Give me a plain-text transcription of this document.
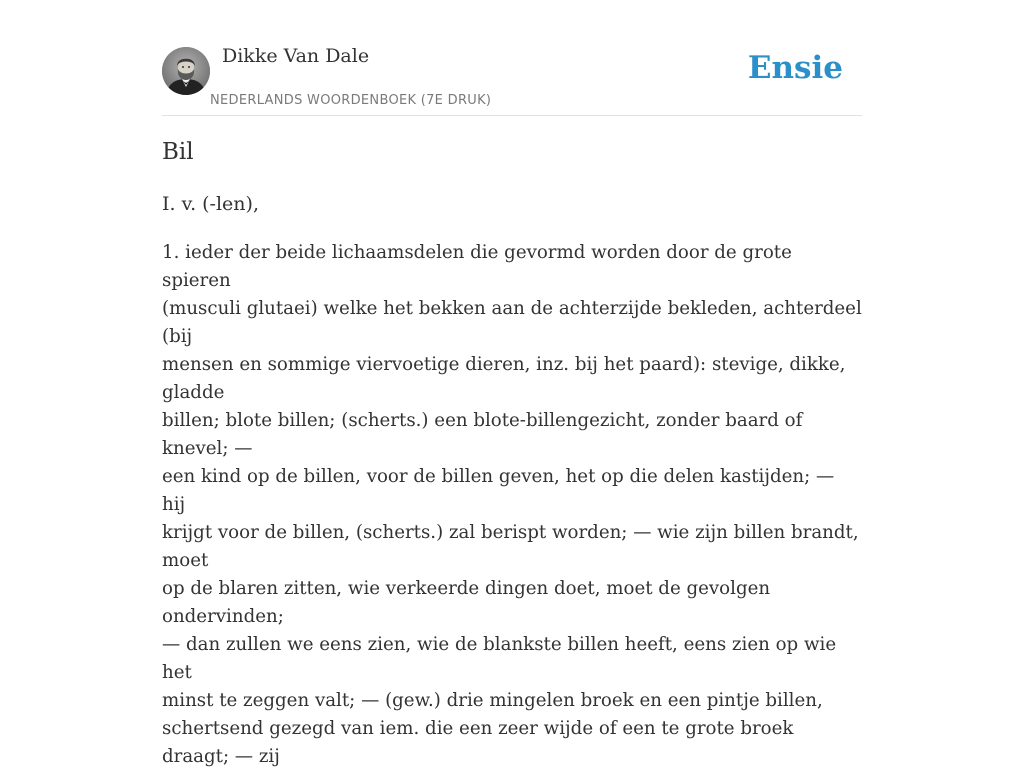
Dikke Van Dale
NEDERLANDS WOORDENBOEK (7E DRUK)
Ensie
Bil
I. v. (-len),

1. ieder der beide lichaamsdelen die gevormd worden door de grote spieren
(musculi glutaei) welke het bekken aan de achterzijde bekleden, achterdeel (bij
mensen en sommige viervoetige dieren, inz. bij het paard): stevige, dikke, gladde
billen; blote billen; (scherts.) een blote-billengezicht, zonder baard of knevel; —
een kind op de billen, voor de billen geven, het op die delen kastijden; — hij
krijgt voor de billen, (scherts.) zal berispt worden; — wie zijn billen brandt, moet
op de blaren zitten, wie verkeerde dingen doet, moet de gevolgen ondervinden;
— dan zullen we eens zien, wie de blankste billen heeft, eens zien op wie het
minst te zeggen valt; — (gew.) drie mingelen broek en een pintje billen,
schertsend gezegd van iem. die een zeer wijde of een te grote broek draagt; — zij
